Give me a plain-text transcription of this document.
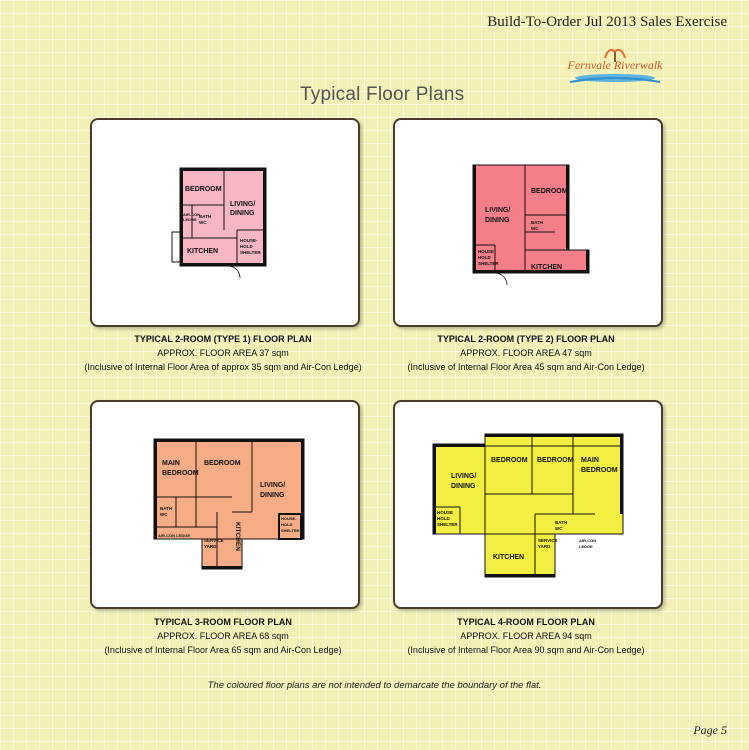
Build-To-Order Jul 2013 Sales Exercise
Fernvale Riverwalk
Typical Floor Plans
BEDROOM
LIVING/
DINING
KITCHEN
BATH
WC
AIR-CON
LEDGE
HOUSE-
HOLD
SHELTER
TYPICAL 2-ROOM (TYPE 1) FLOOR PLAN
APPROX. FLOOR AREA 37 sqm
(Inclusive of Internal Floor Area of approx 35 sqm and Air-Con Ledge)
BEDROOM
LIVING/
DINING
KITCHEN
BATH
WC
HOUSE
HOLD
SHELTER
TYPICAL 2-ROOM (TYPE 2) FLOOR PLAN
APPROX. FLOOR AREA 47 sqm
(Inclusive of Internal Floor Area 45 sqm and Air-Con Ledge)
MAIN
BEDROOM
BEDROOM
LIVING/
DINING
KITCHEN
BATH
WC
AIR-CON LEDGE
SERVICE
YARD
HOUSE-
HOLD
SHELTER
TYPICAL 3-ROOM FLOOR PLAN
APPROX. FLOOR AREA 68 sqm
(Inclusive of Internal Floor Area 65 sqm and Air-Con Ledge)
LIVING/
DINING
BEDROOM BEDROOM MAIN
BEDROOM
KITCHEN
BATH
WC
HOUSE
HOLD
SHELTER
SERVICE
YARD
AIR-CON
LEDGE
TYPICAL 4-ROOM FLOOR PLAN
APPROX. FLOOR AREA 94 sqm
(Inclusive of Internal Floor Area 90 sqm and Air-Con Ledge)
The coloured floor plans are not intended to demarcate the boundary of the flat.
Page 5
